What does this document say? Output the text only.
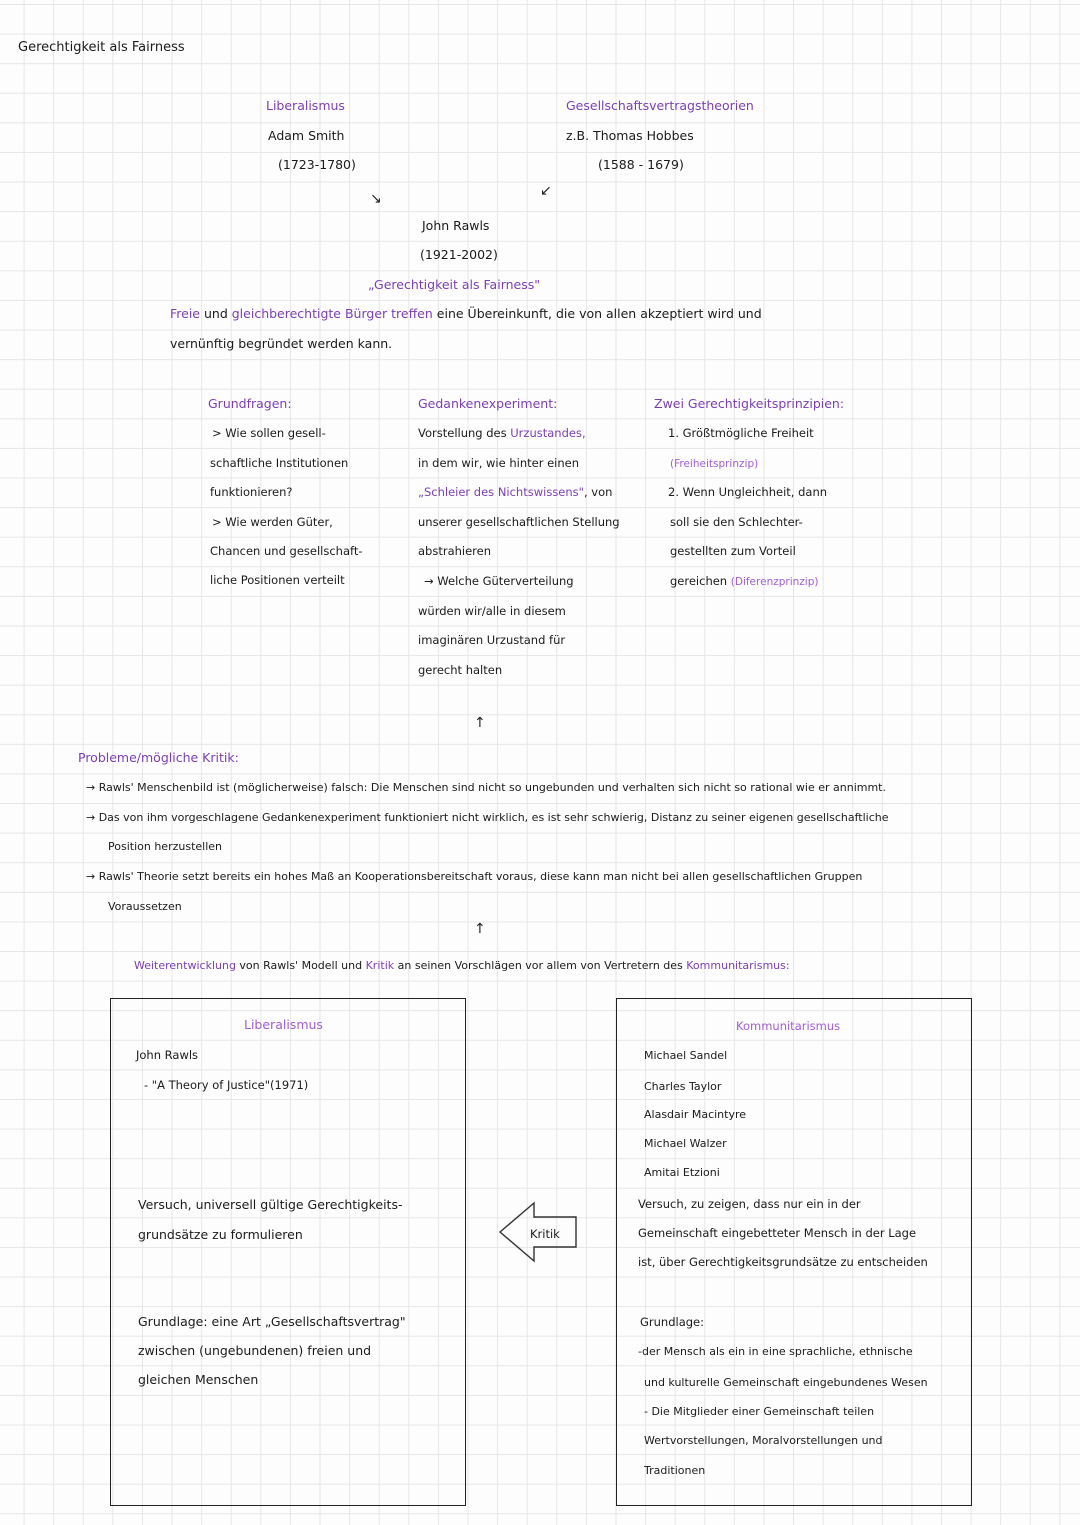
Gerechtigkeit als Fairness
Liberalismus
Adam Smith
(1723-1780)
Gesellschaftsvertragstheorien
z.B. Thomas Hobbes
(1588 - 1679)
↘	↙
John Rawls
(1921-2002)
„Gerechtigkeit als Fairness"
Freie und gleichberechtigte Bürger treffen eine Übereinkunft, die von allen akzeptiert wird und
vernünftig begründet werden kann.
Grundfragen:
> Wie sollen gesell-
schaftliche Institutionen
funktionieren?
> Wie werden Güter,
Chancen und gesellschaft-
liche Positionen verteilt
Gedankenexperiment:
Vorstellung des Urzustandes,
in dem wir, wie hinter einen
„Schleier des Nichtswissens", von
unserer gesellschaftlichen Stellung
abstrahieren
→ Welche Güterverteilung
würden wir/alle in diesem
imaginären Urzustand für
gerecht halten
Zwei Gerechtigkeitsprinzipien:
1. Größtmögliche Freiheit
(Freiheitsprinzip)
2. Wenn Ungleichheit, dann
soll sie den Schlechter-
gestellten zum Vorteil
gereichen (Diferenzprinzip)
↑
Probleme/mögliche Kritik:
→ Rawls' Menschenbild ist (möglicherweise) falsch: Die Menschen sind nicht so ungebunden und verhalten sich nicht so rational wie er annimmt.
→ Das von ihm vorgeschlagene Gedankenexperiment funktioniert nicht wirklich, es ist sehr schwierig, Distanz zu seiner eigenen gesellschaftliche
Position herzustellen
→ Rawls' Theorie setzt bereits ein hohes Maß an Kooperationsbereitschaft voraus, diese kann man nicht bei allen gesellschaftlichen Gruppen
Voraussetzen
↑
Weiterentwicklung von Rawls' Modell und Kritik an seinen Vorschlägen vor allem von Vertretern des Kommunitarismus:
Liberalismus
John Rawls
- "A Theory of Justice"(1971)
Versuch, universell gültige Gerechtigkeits-
grundsätze zu formulieren
Grundlage: eine Art „Gesellschaftsvertrag"
zwischen (ungebundenen) freien und
gleichen Menschen
Kritik
Kommunitarismus
Michael Sandel
Charles Taylor
Alasdair Macintyre
Michael Walzer
Amitai Etzioni
Versuch, zu zeigen, dass nur ein in der
Gemeinschaft eingebetteter Mensch in der Lage
ist, über Gerechtigkeitsgrundsätze zu entscheiden
Grundlage:
-der Mensch als ein in eine sprachliche, ethnische
und kulturelle Gemeinschaft eingebundenes Wesen
- Die Mitglieder einer Gemeinschaft teilen
Wertvorstellungen, Moralvorstellungen und
Traditionen
